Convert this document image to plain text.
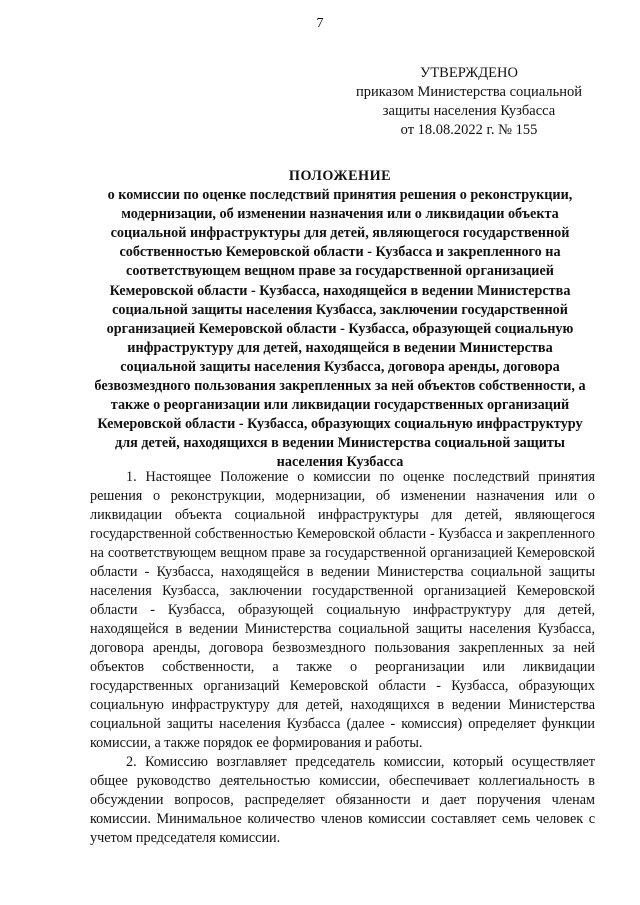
7
УТВЕРЖДЕНО
приказом Министерства социальной
защиты населения Кузбасса
от 18.08.2022 г. № 155
ПОЛОЖЕНИЕ
о комиссии по оценке последствий принятия решения о реконструкции, модернизации, об изменении назначения или о ликвидации объекта социальной инфраструктуры для детей, являющегося государственной собственностью Кемеровской области - Кузбасса и закрепленного на соответствующем вещном праве за государственной организацией Кемеровской области - Кузбасса, находящейся в ведении Министерства социальной защиты населения Кузбасса, заключении государственной организацией Кемеровской области - Кузбасса, образующей социальную инфраструктуру для детей, находящейся в ведении Министерства социальной защиты населения Кузбасса, договора аренды, договора безвозмездного пользования закрепленных за ней объектов собственности, а также о реорганизации или ликвидации государственных организаций Кемеровской области - Кузбасса, образующих социальную инфраструктуру для детей, находящихся в ведении Министерства социальной защиты населения Кузбасса

1. Настоящее Положение о комиссии по оценке последствий принятия решения о реконструкции, модернизации, об изменении назначения или о ликвидации объекта социальной инфраструктуры для детей, являющегося государственной собственностью Кемеровской области - Кузбасса и закрепленного на соответствующем вещном праве за государственной организацией Кемеровской области - Кузбасса, находящейся в ведении Министерства социальной защиты населения Кузбасса, заключении государственной организацией Кемеровской области - Кузбасса, образующей социальную инфраструктуру для детей, находящейся в ведении Министерства социальной защиты населения Кузбасса, договора аренды, договора безвозмездного пользования закрепленных за ней объектов собственности, а также о реорганизации или ликвидации государственных организаций Кемеровской области - Кузбасса, образующих социальную инфраструктуру для детей, находящихся в ведении Министерства социальной защиты населения Кузбасса (далее - комиссия) определяет функции комиссии, а также порядок ее формирования и работы.

2. Комиссию возглавляет председатель комиссии, который осуществляет общее руководство деятельностью комиссии, обеспечивает коллегиальность в обсуждении вопросов, распределяет обязанности и дает поручения членам комиссии. Минимальное количество членов комиссии составляет семь человек с учетом председателя комиссии.
